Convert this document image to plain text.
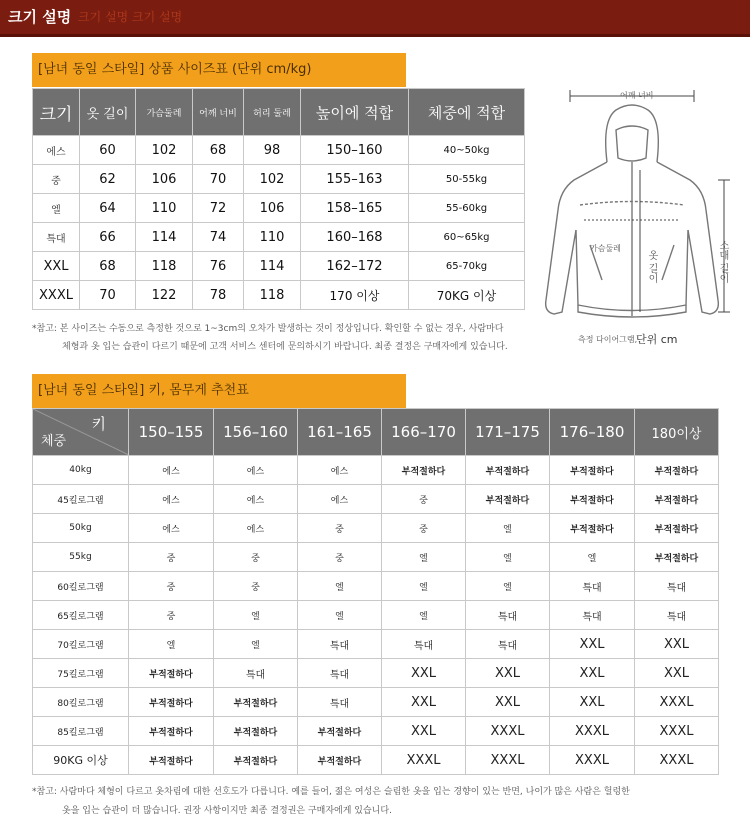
크기 설명 크기 설명 크기 설명
[남녀 동일 스타일] 상품 사이즈표 (단위 cm/kg)
크기	옷 길이	가슴둘레	어깨 너비	허리 둘레	높이에 적합	체중에 적합
에스	60	102	68	98	150–160	40~50kg
중	62	106	70	102	155–163	50-55kg
엘	64	110	72	106	158–165	55-60kg
특대	66	114	74	110	160–168	60~65kg
XXL	68	118	76	114	162–172	65-70kg
XXXL	70	122	78	118	170 이상	70KG 이상
*참고: 본 사이즈는 수동으로 측정한 것으로 1~3cm의 오차가 발생하는 것이 정상입니다. 확인할 수 없는 경우, 사람마다
체형과 옷 입는 습관이 다르기 때문에 고객 서비스 센터에 문의하시기 바랍니다. 최종 결정은 구매자에게 있습니다.
어깨 너비
가슴둘레
옷 길이	소매 길이
측정 다이어그램,
단위 cm
[남녀 동일 스타일] 키, 몸무게 추천표
키
체중	150–155	156–160	161–165	166–170	171–175	176–180	180이상
40kg	에스	에스	에스	부적절하다	부적절하다	부적절하다	부적절하다
45킬로그램	에스	에스	에스	중	부적절하다	부적절하다	부적절하다
50kg	에스	에스	중	중	엘	부적절하다	부적절하다
55kg	중	중	중	엘	엘	엘	부적절하다
60킬로그램	중	중	엘	엘	엘	특대	특대
65킬로그램	중	엘	엘	엘	특대	특대	특대
70킬로그램	엘	엘	특대	특대	특대	XXL	XXL
75킬로그램	부적절하다	특대	특대	XXL	XXL	XXL	XXL
80킬로그램	부적절하다	부적절하다	특대	XXL	XXL	XXL	XXXL
85킬로그램	부적절하다	부적절하다	부적절하다	XXL	XXXL	XXXL	XXXL
90KG 이상	부적절하다	부적절하다	부적절하다	XXXL	XXXL	XXXL	XXXL
*참고: 사람마다 체형이 다르고 옷차림에 대한 선호도가 다릅니다. 예를 들어, 젊은 여성은 슬림한 옷을 입는 경향이 있는 반면, 나이가 많은 사람은 헐렁한
옷을 입는 습관이 더 많습니다. 권장 사항이지만 최종 결정권은 구매자에게 있습니다.
